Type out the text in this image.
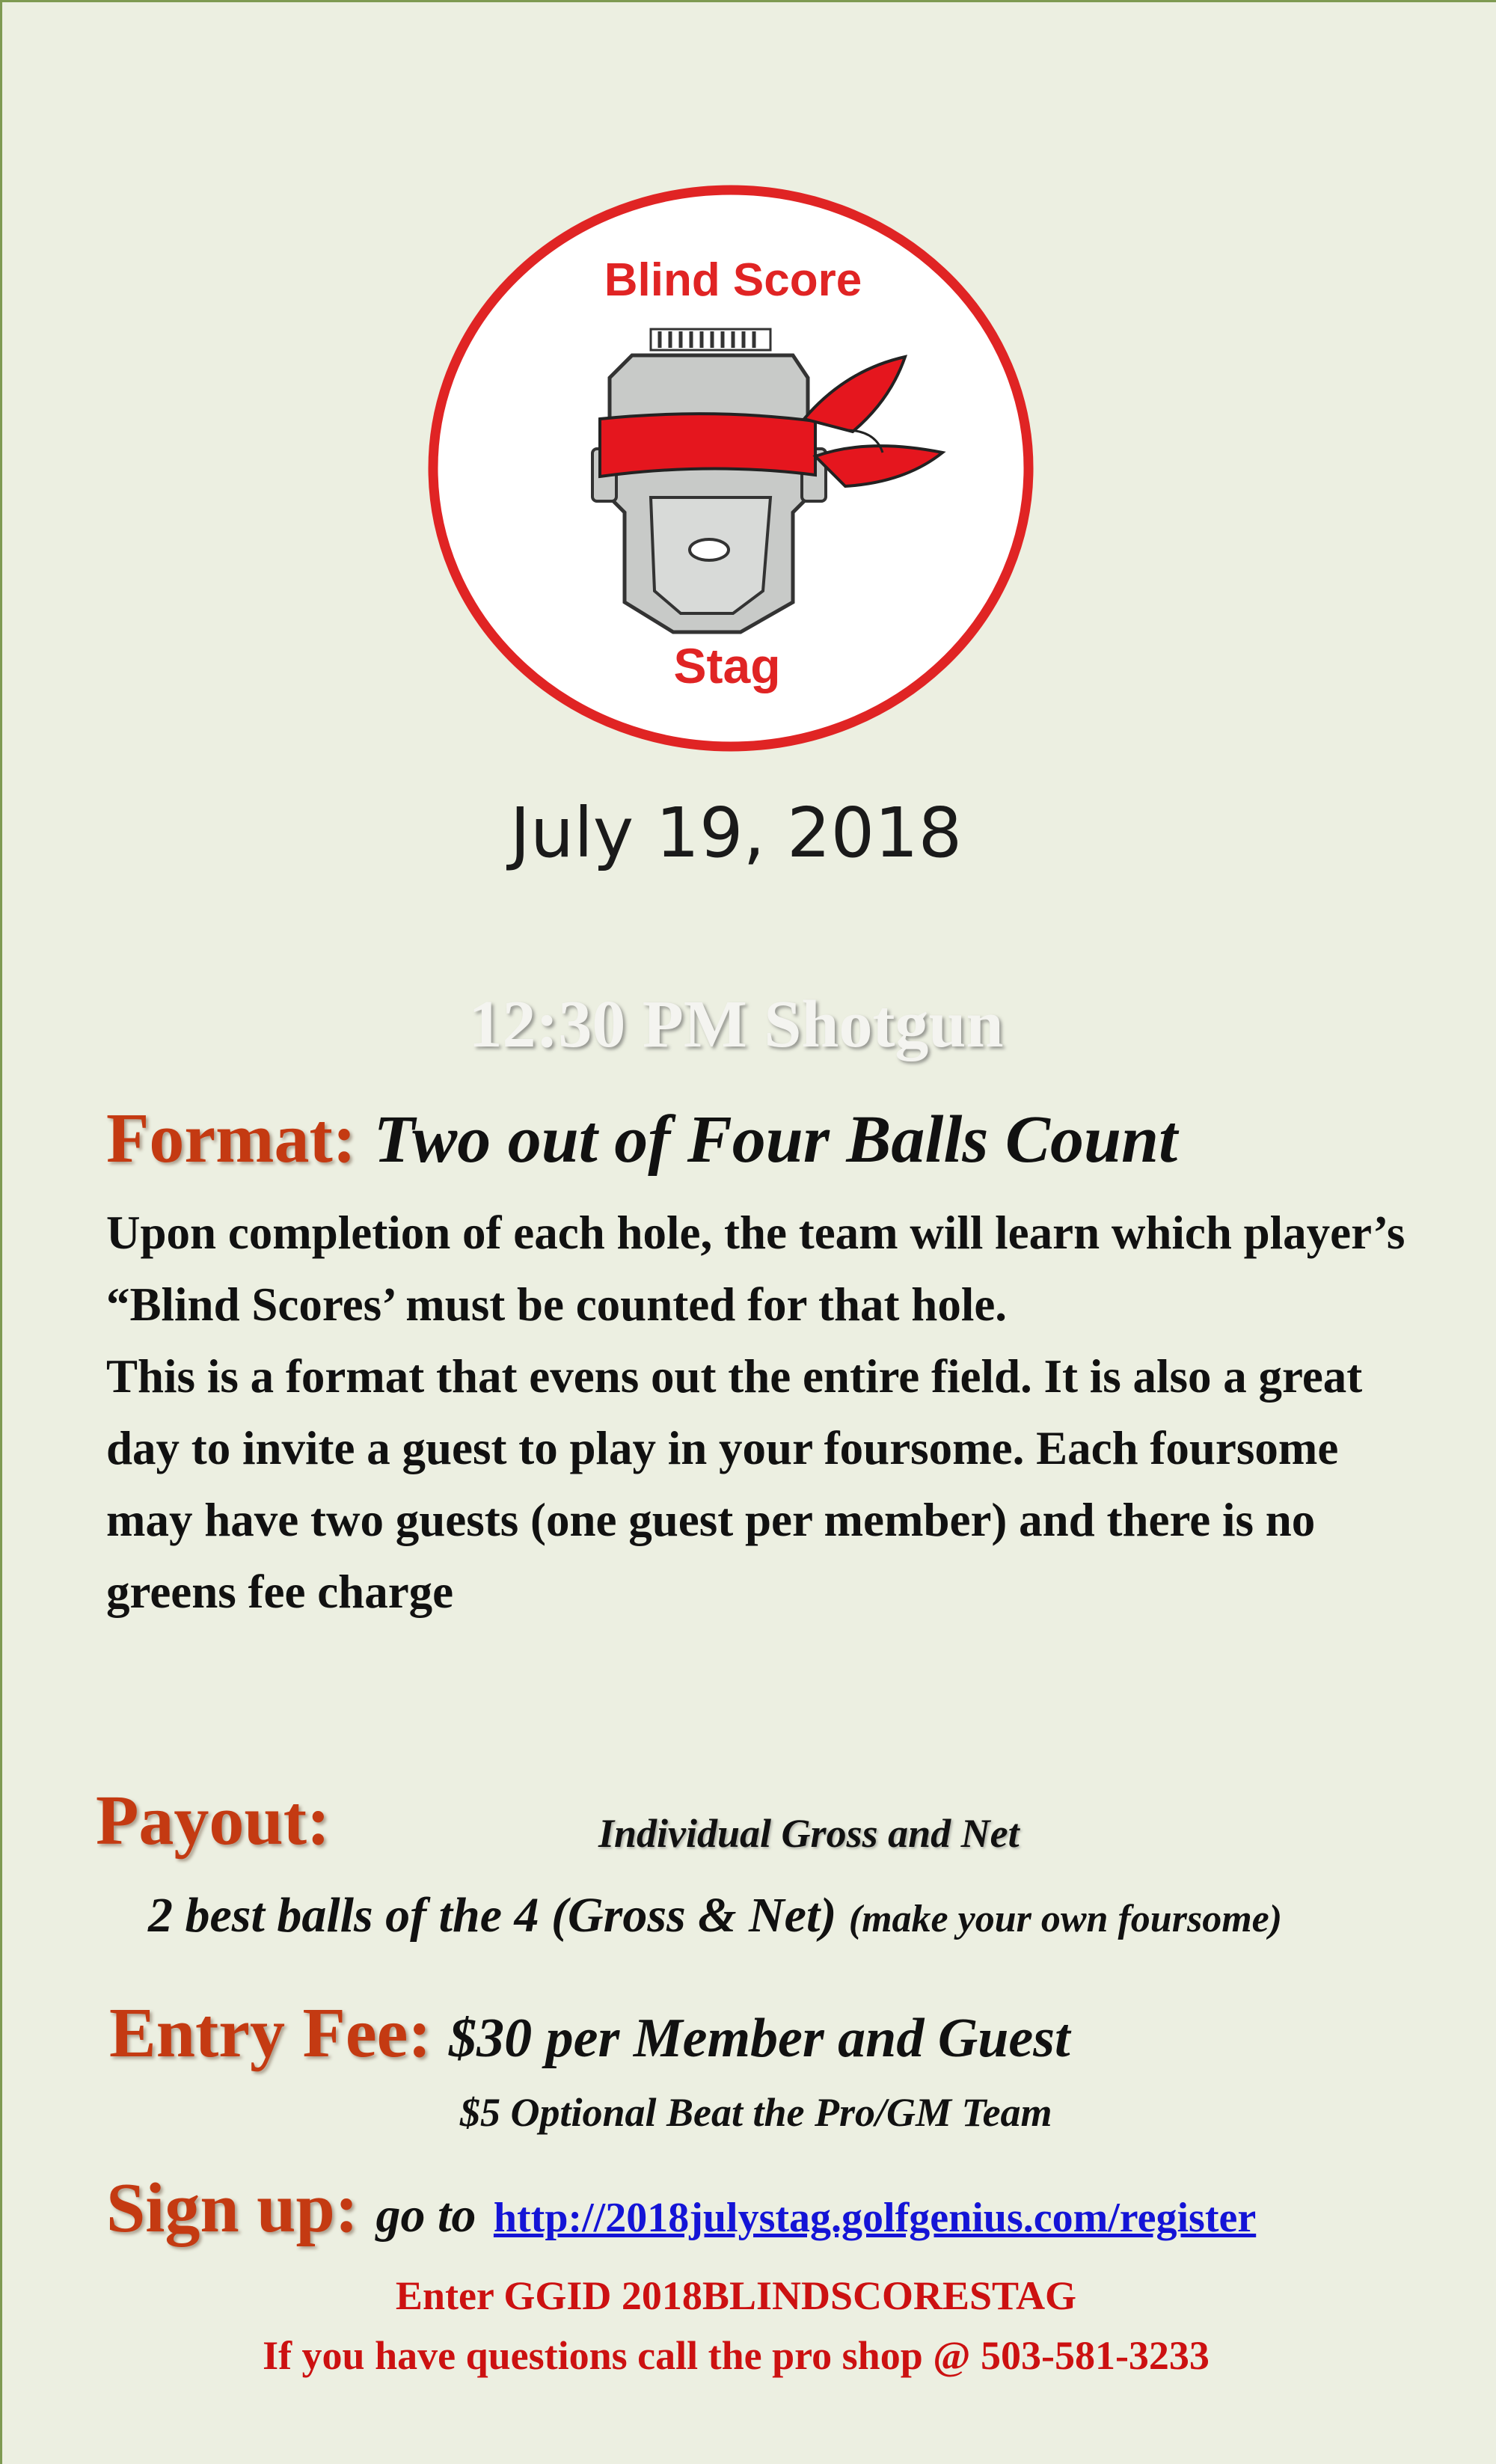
Blind Score
Stag
July 19, 2018
12:30 PM Shotgun
Format: Two out of Four Balls Count

Upon completion of each hole, the team will learn which player’s “Blind Scores’ must be counted for that hole.

This is a format that evens out the entire field. It is also a great day to invite a guest to play in your foursome. Each foursome may have two guests (one guest per member) and there is no greens fee charge

Payout:	Individual Gross and Net
2 best balls of the 4 (Gross & Net) (make your own foursome)
Entry Fee: $30 per Member and Guest
$5 Optional Beat the Pro/GM Team
Sign up: go to http://2018julystag.golfgenius.com/register
Enter GGID 2018BLINDSCORESTAG
If you have questions call the pro shop @ 503-581-3233
